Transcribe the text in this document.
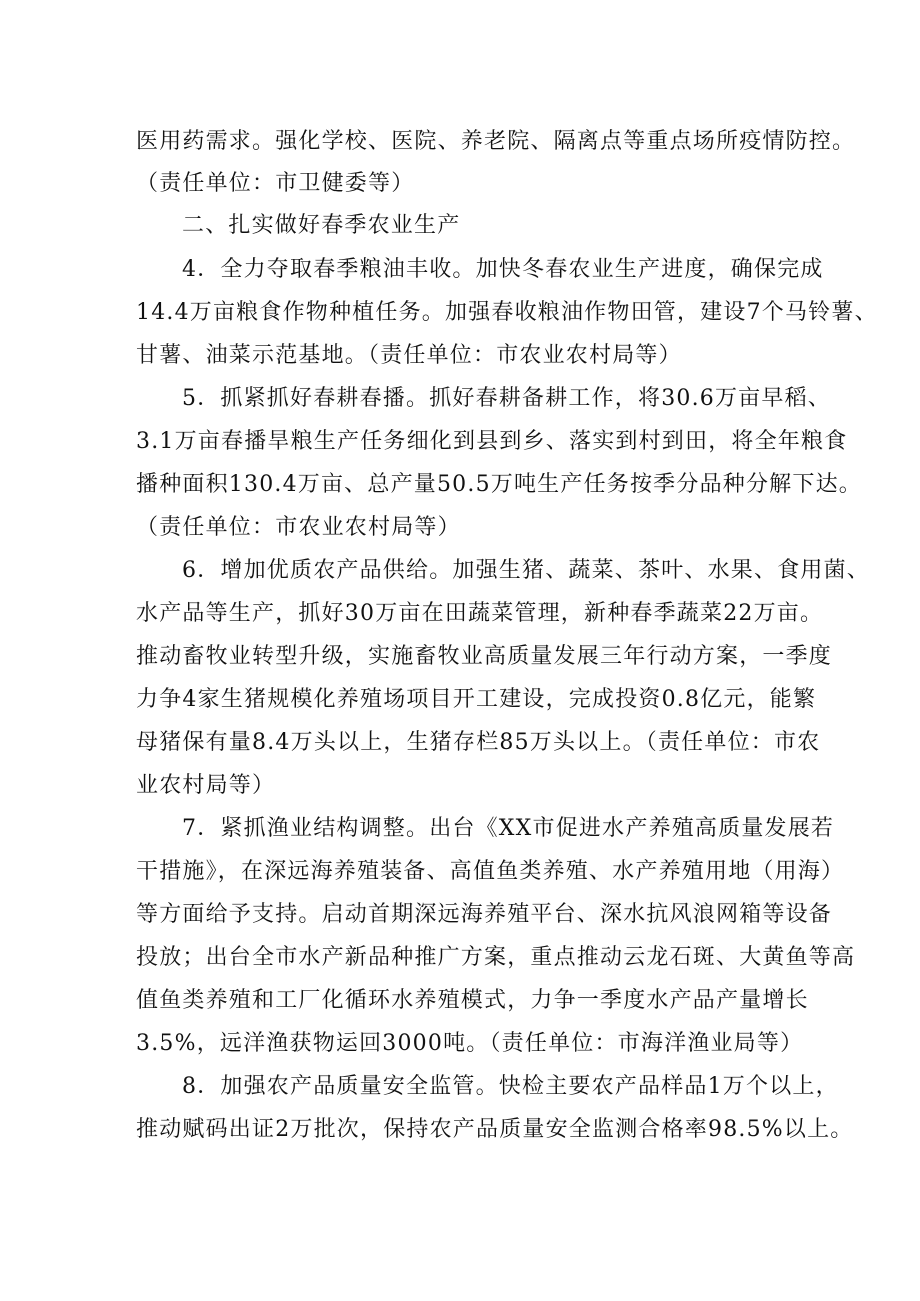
医用药需求。强化学校、医院、养老院、隔离点等重点场所疫情防控。
（责任单位：市卫健委等）
二、扎实做好春季农业生产
4．全力夺取春季粮油丰收。加快冬春农业生产进度，确保完成
14.4万亩粮食作物种植任务。加强春收粮油作物田管，建设7个马铃薯、
甘薯、油菜示范基地。（责任单位：市农业农村局等）
5．抓紧抓好春耕春播。抓好春耕备耕工作，将30.6万亩早稻、
3.1万亩春播旱粮生产任务细化到县到乡、落实到村到田，将全年粮食
播种面积130.4万亩、总产量50.5万吨生产任务按季分品种分解下达。
（责任单位：市农业农村局等）
6．增加优质农产品供给。加强生猪、蔬菜、茶叶、水果、食用菌、
水产品等生产，抓好30万亩在田蔬菜管理，新种春季蔬菜22万亩。
推动畜牧业转型升级，实施畜牧业高质量发展三年行动方案，一季度
力争4家生猪规模化养殖场项目开工建设，完成投资0.8亿元，能繁
母猪保有量8.4万头以上，生猪存栏85万头以上。（责任单位：市农
业农村局等）
7．紧抓渔业结构调整。出台《XX市促进水产养殖高质量发展若
干措施》，在深远海养殖装备、高值鱼类养殖、水产养殖用地（用海）
等方面给予支持。启动首期深远海养殖平台、深水抗风浪网箱等设备
投放；出台全市水产新品种推广方案，重点推动云龙石斑、大黄鱼等高
值鱼类养殖和工厂化循环水养殖模式，力争一季度水产品产量增长
3.5%，远洋渔获物运回3000吨。（责任单位：市海洋渔业局等）
8．加强农产品质量安全监管。快检主要农产品样品1万个以上，
推动赋码出证2万批次，保持农产品质量安全监测合格率98.5%以上。
